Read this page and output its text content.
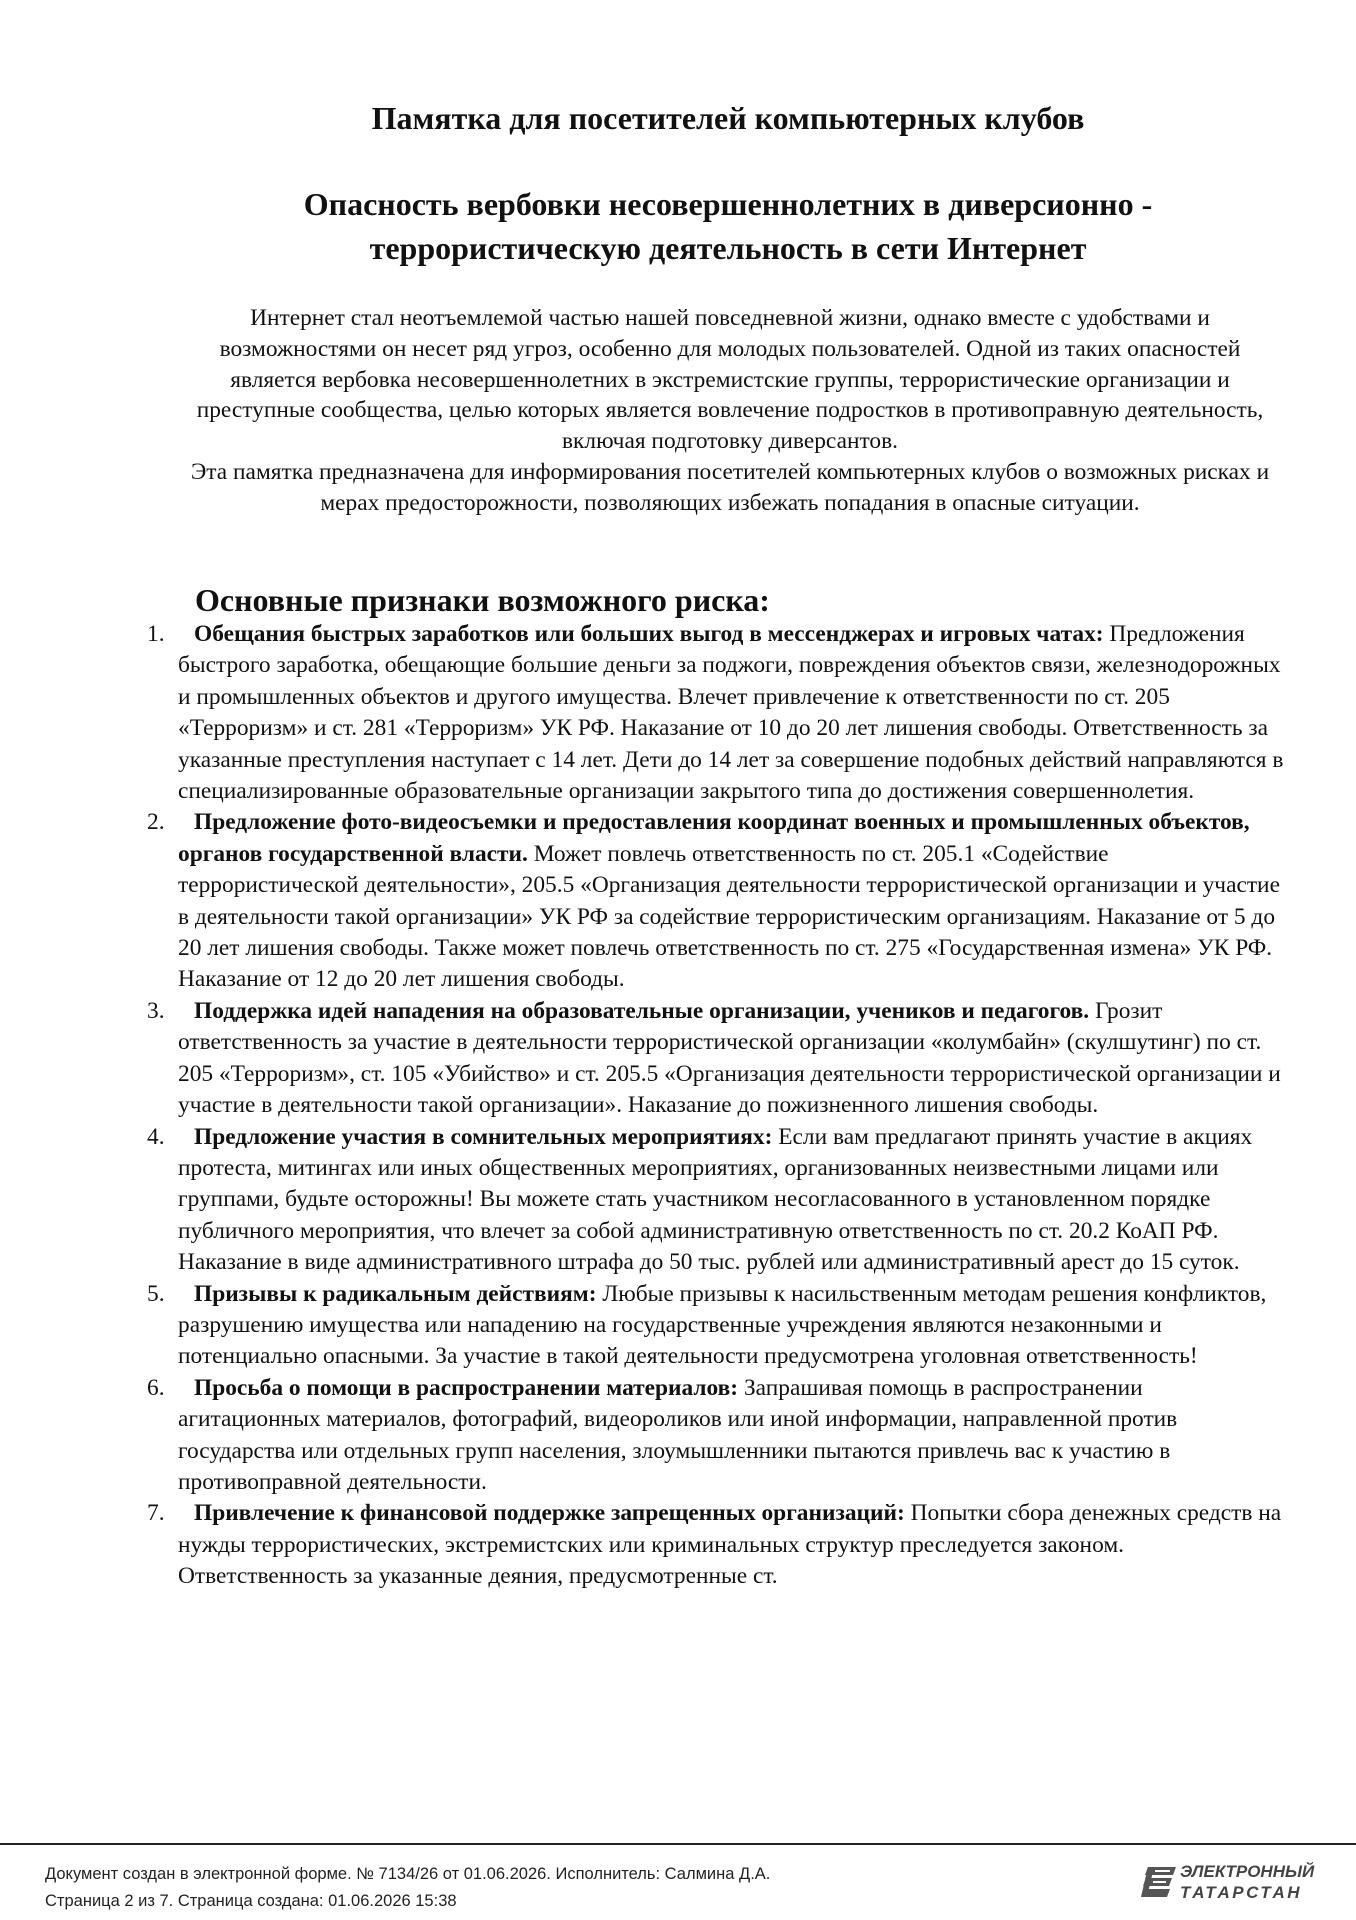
Памятка для посетителей компьютерных клубов
Опасность вербовки несовершеннолетних в диверсионно - террористическую деятельность в сети Интернет

Интернет стал неотъемлемой частью нашей повседневной жизни, однако вместе с удобствами и возможностями он несет ряд угроз, особенно для молодых пользователей. Одной из таких опасностей является вербовка несовершеннолетних в экстремистские группы, террористические организации и преступные сообщества, целью которых является вовлечение подростков в противоправную деятельность, включая подготовку диверсантов.

Эта памятка предназначена для информирования посетителей компьютерных клубов о возможных рисках и мерах предосторожности, позволяющих избежать попадания в опасные ситуации.

Основные признаки возможного риска:
1. Обещания быстрых заработков или больших выгод в мессенджерах и игровых чатах: Предложения быстрого заработка, обещающие большие деньги за поджоги, повреждения объектов связи, железнодорожных и промышленных объектов и другого имущества. Влечет привлечение к ответственности по ст. 205 «Терроризм» и ст. 281 «Терроризм» УК РФ. Наказание от 10 до 20 лет лишения свободы. Ответственность за указанные преступления наступает с 14 лет. Дети до 14 лет за совершение подобных действий направляются в специализированные образовательные организации закрытого типа до достижения совершеннолетия.
2. Предложение фото-видеосъемки и предоставления координат военных и промышленных объектов, органов государственной власти. Может повлечь ответственность по ст. 205.1 «Содействие террористической деятельности», 205.5 «Организация деятельности террористической организации и участие в деятельности такой организации» УК РФ за содействие террористическим организациям. Наказание от 5 до 20 лет лишения свободы. Также может повлечь ответственность по ст. 275 «Государственная измена» УК РФ. Наказание от 12 до 20 лет лишения свободы.
3. Поддержка идей нападения на образовательные организации, учеников и педагогов. Грозит ответственность за участие в деятельности террористической организации «колумбайн» (скулшутинг) по ст. 205 «Терроризм», ст. 105 «Убийство» и ст. 205.5 «Организация деятельности террористической организации и участие в деятельности такой организации». Наказание до пожизненного лишения свободы.
4. Предложение участия в сомнительных мероприятиях: Если вам предлагают принять участие в акциях протеста, митингах или иных общественных мероприятиях, организованных неизвестными лицами или группами, будьте осторожны! Вы можете стать участником несогласованного в установленном порядке публичного мероприятия, что влечет за собой административную ответственность по ст. 20.2 КоАП РФ. Наказание в виде административного штрафа до 50 тыс. рублей или административный арест до 15 суток.
5. Призывы к радикальным действиям: Любые призывы к насильственным методам решения конфликтов, разрушению имущества или нападению на государственные учреждения являются незаконными и потенциально опасными. За участие в такой деятельности предусмотрена уголовная ответственность!
6. Просьба о помощи в распространении материалов: Запрашивая помощь в распространении агитационных материалов, фотографий, видеороликов или иной информации, направленной против государства или отдельных групп населения, злоумышленники пытаются привлечь вас к участию в противоправной деятельности.
7. Привлечение к финансовой поддержке запрещенных организаций: Попытки сбора денежных средств на нужды террористических, экстремистских или криминальных структур преследуется законом. Ответственность за указанные деяния, предусмотренные ст.
Документ создан в электронной форме. № 7134/26 от 01.06.2026. Исполнитель: Салмина Д.А.
Страница 2 из 7. Страница создана: 01.06.2026 15:38
ЭЛЕКТРОННЫЙ
ТАТАРСТАН
